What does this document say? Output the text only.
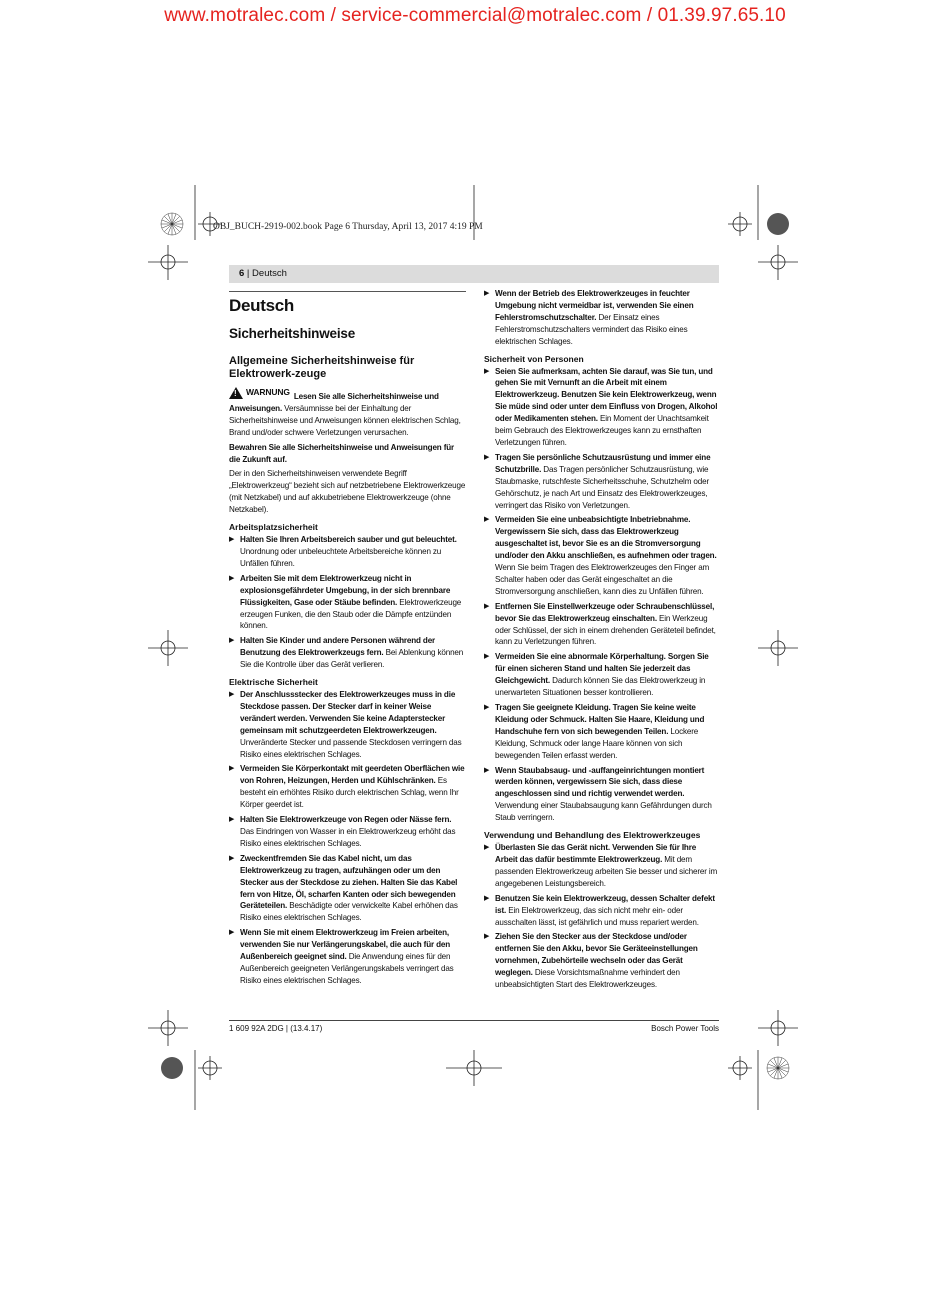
www.motralec.com / service-commercial@motralec.com / 01.39.97.65.10
OBJ_BUCH-2919-002.book Page 6 Thursday, April 13, 2017 4:19 PM
6 | Deutsch
Deutsch
Sicherheitshinweise
Allgemeine Sicherheitshinweise für Elektrowerk-zeuge

!
WARNUNG Lesen Sie alle Sicherheitshinweise und Anweisungen. Versäumnisse bei der Einhaltung der Sicherheitshinweise und Anweisungen können elektrischen Schlag, Brand und/oder schwere Verletzungen verursachen.

Bewahren Sie alle Sicherheitshinweise und Anweisungen für die Zukunft auf.

Der in den Sicherheitshinweisen verwendete Begriff „Elektrowerkzeug“ bezieht sich auf netzbetriebene Elektrowerkzeuge (mit Netzkabel) und auf akkubetriebene Elektrowerkzeuge (ohne Netzkabel).

Arbeitsplatzsicherheit
▶ Halten Sie Ihren Arbeitsbereich sauber und gut beleuchtet. Unordnung oder unbeleuchtete Arbeitsbereiche können zu Unfällen führen.
▶ Arbeiten Sie mit dem Elektrowerkzeug nicht in explosionsgefährdeter Umgebung, in der sich brennbare Flüssigkeiten, Gase oder Stäube befinden. Elektrowerkzeuge erzeugen Funken, die den Staub oder die Dämpfe entzünden können.
▶ Halten Sie Kinder und andere Personen während der Benutzung des Elektrowerkzeugs fern. Bei Ablenkung können Sie die Kontrolle über das Gerät verlieren.
Elektrische Sicherheit
▶ Der Anschlussstecker des Elektrowerkzeuges muss in die Steckdose passen. Der Stecker darf in keiner Weise verändert werden. Verwenden Sie keine Adapterstecker gemeinsam mit schutzgeerdeten Elektrowerkzeugen. Unveränderte Stecker und passende Steckdosen verringern das Risiko eines elektrischen Schlages.
▶ Vermeiden Sie Körperkontakt mit geerdeten Oberflächen wie von Rohren, Heizungen, Herden und Kühlschränken. Es besteht ein erhöhtes Risiko durch elektrischen Schlag, wenn Ihr Körper geerdet ist.
▶ Halten Sie Elektrowerkzeuge von Regen oder Nässe fern. Das Eindringen von Wasser in ein Elektrowerkzeug erhöht das Risiko eines elektrischen Schlages.
▶ Zweckentfremden Sie das Kabel nicht, um das Elektrowerkzeug zu tragen, aufzuhängen oder um den Stecker aus der Steckdose zu ziehen. Halten Sie das Kabel fern von Hitze, Öl, scharfen Kanten oder sich bewegenden Geräteteilen. Beschädigte oder verwickelte Kabel erhöhen das Risiko eines elektrischen Schlages.
▶ Wenn Sie mit einem Elektrowerkzeug im Freien arbeiten, verwenden Sie nur Verlängerungskabel, die auch für den Außenbereich geeignet sind. Die Anwendung eines für den Außenbereich geeigneten Verlängerungskabels verringert das Risiko eines elektrischen Schlages.
▶ Wenn der Betrieb des Elektrowerkzeuges in feuchter Umgebung nicht vermeidbar ist, verwenden Sie einen Fehlerstromschutzschalter. Der Einsatz eines Fehlerstromschutzschalters vermindert das Risiko eines elektrischen Schlages.
Sicherheit von Personen
▶ Seien Sie aufmerksam, achten Sie darauf, was Sie tun, und gehen Sie mit Vernunft an die Arbeit mit einem Elektrowerkzeug. Benutzen Sie kein Elektrowerkzeug, wenn Sie müde sind oder unter dem Einfluss von Drogen, Alkohol oder Medikamenten stehen. Ein Moment der Unachtsamkeit beim Gebrauch des Elektrowerkzeuges kann zu ernsthaften Verletzungen führen.
▶ Tragen Sie persönliche Schutzausrüstung und immer eine Schutzbrille. Das Tragen persönlicher Schutzausrüstung, wie Staubmaske, rutschfeste Sicherheitsschuhe, Schutzhelm oder Gehörschutz, je nach Art und Einsatz des Elektrowerkzeuges, verringert das Risiko von Verletzungen.
▶ Vermeiden Sie eine unbeabsichtigte Inbetriebnahme. Vergewissern Sie sich, dass das Elektrowerkzeug ausgeschaltet ist, bevor Sie es an die Stromversorgung und/oder den Akku anschließen, es aufnehmen oder tragen. Wenn Sie beim Tragen des Elektrowerkzeuges den Finger am Schalter haben oder das Gerät eingeschaltet an die Stromversorgung anschließen, kann dies zu Unfällen führen.
▶ Entfernen Sie Einstellwerkzeuge oder Schraubenschlüssel, bevor Sie das Elektrowerkzeug einschalten. Ein Werkzeug oder Schlüssel, der sich in einem drehenden Geräteteil befindet, kann zu Verletzungen führen.
▶ Vermeiden Sie eine abnormale Körperhaltung. Sorgen Sie für einen sicheren Stand und halten Sie jederzeit das Gleichgewicht. Dadurch können Sie das Elektrowerkzeug in unerwarteten Situationen besser kontrollieren.
▶ Tragen Sie geeignete Kleidung. Tragen Sie keine weite Kleidung oder Schmuck. Halten Sie Haare, Kleidung und Handschuhe fern von sich bewegenden Teilen. Lockere Kleidung, Schmuck oder lange Haare können von sich bewegenden Teilen erfasst werden.
▶ Wenn Staubabsaug- und -auffangeinrichtungen montiert werden können, vergewissern Sie sich, dass diese angeschlossen sind und richtig verwendet werden. Verwendung einer Staubabsaugung kann Gefährdungen durch Staub verringern.
Verwendung und Behandlung des Elektrowerkzeuges
▶ Überlasten Sie das Gerät nicht. Verwenden Sie für Ihre Arbeit das dafür bestimmte Elektrowerkzeug. Mit dem passenden Elektrowerkzeug arbeiten Sie besser und sicherer im angegebenen Leistungsbereich.
▶ Benutzen Sie kein Elektrowerkzeug, dessen Schalter defekt ist. Ein Elektrowerkzeug, das sich nicht mehr ein- oder ausschalten lässt, ist gefährlich und muss repariert werden.
▶ Ziehen Sie den Stecker aus der Steckdose und/oder entfernen Sie den Akku, bevor Sie Geräteeinstellungen vornehmen, Zubehörteile wechseln oder das Gerät weglegen. Diese Vorsichtsmaßnahme verhindert den unbeabsichtigten Start des Elektrowerkzeuges.
1 609 92A 2DG | (13.4.17)	Bosch Power Tools
